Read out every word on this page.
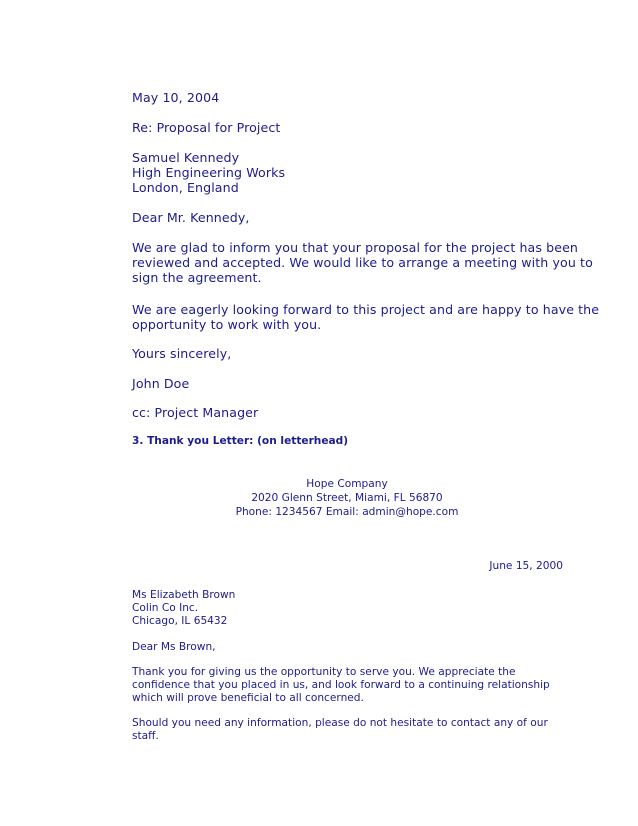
May 10, 2004
Re: Proposal for Project
Samuel Kennedy
High Engineering Works
London, England
Dear Mr. Kennedy,
We are glad to inform you that your proposal for the project has been
reviewed and accepted. We would like to arrange a meeting with you to
sign the agreement.
We are eagerly looking forward to this project and are happy to have the
opportunity to work with you.
Yours sincerely,
John Doe
cc: Project Manager
3. Thank you Letter: (on letterhead)
Hope Company
2020 Glenn Street, Miami, FL 56870
Phone: 1234567 Email: admin@hope.com
June 15, 2000
Ms Elizabeth Brown
Colin Co Inc.
Chicago, IL 65432
Dear Ms Brown,
Thank you for giving us the opportunity to serve you. We appreciate the
confidence that you placed in us, and look forward to a continuing relationship
which will prove beneficial to all concerned.
Should you need any information, please do not hesitate to contact any of our
staff.
